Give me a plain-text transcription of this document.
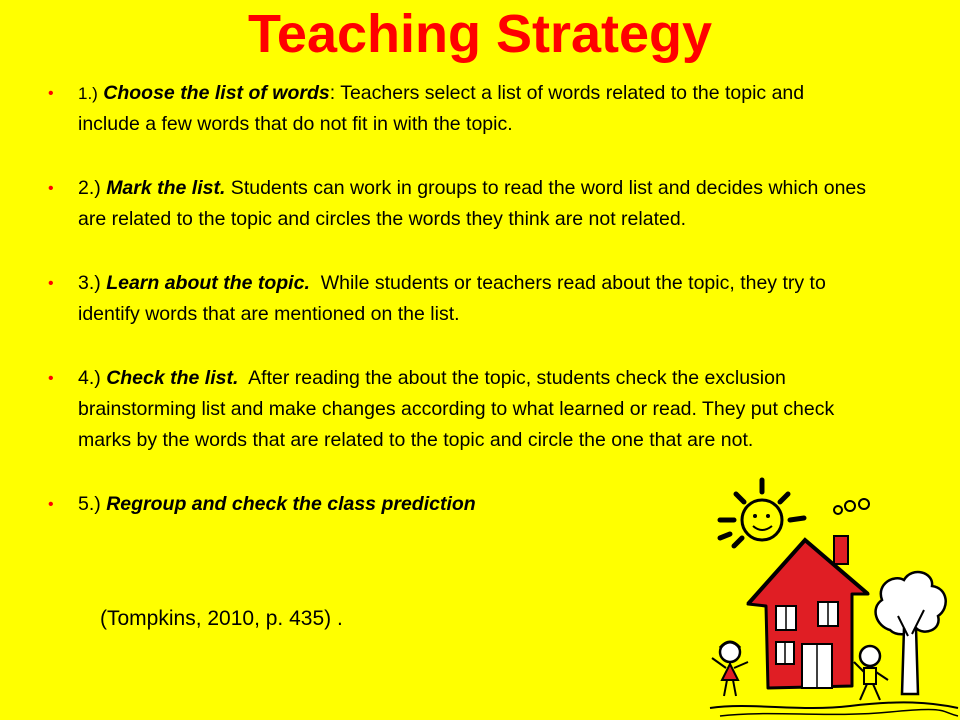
Teaching Strategy
• 1.) Choose the list of words: Teachers select a list of words related to the topic and include a few words that do not fit in with the topic.
• 2.) Mark the list. Students can work in groups to read the word list and decides which ones are related to the topic and circles the words they think are not related.
• 3.) Learn about the topic.  While students or teachers read about the topic, they try to identify words that are mentioned on the list.
• 4.) Check the list.  After reading the about the topic, students check the exclusion brainstorming list and make changes according to what learned or read. They put check marks by the words that are related to the topic and circle the one that are not.
• 5.) Regroup and check the class prediction
(Tompkins, 2010, p. 435) .
